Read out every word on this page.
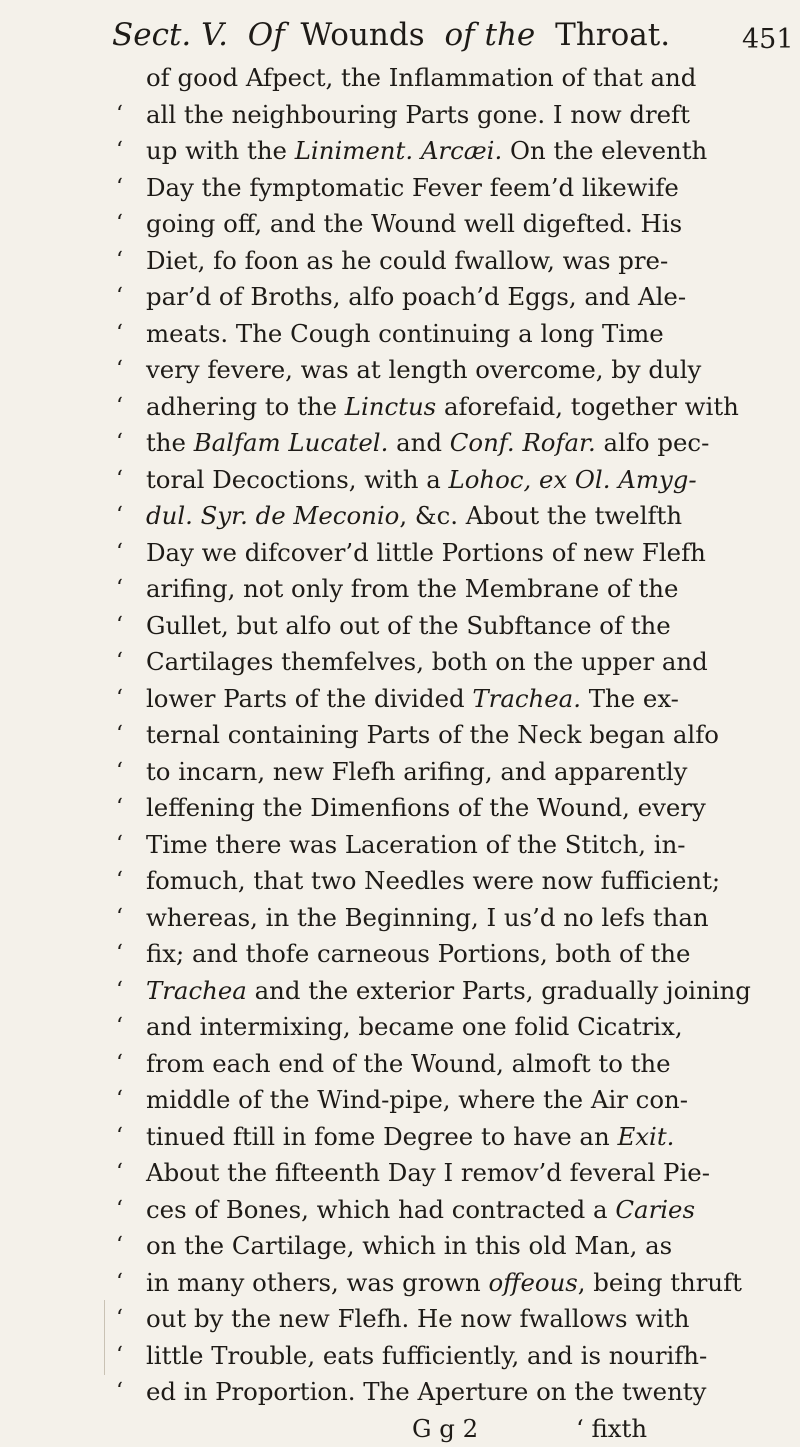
Sect. V. Of Wounds of the Throat.	451
of good Afpect, the Inflammation of that and
‘ all the neighbouring Parts gone. I now dreft
‘ up with the Liniment. Arcæi. On the eleventh
‘ Day the fymptomatic Fever feem’d likewife
‘ going off, and the Wound well digefted. His
‘ Diet, fo foon as he could fwallow, was pre-
‘ par’d of Broths, alfo poach’d Eggs, and Ale-
‘ meats. The Cough continuing a long Time
‘ very fevere, was at length overcome, by duly
‘ adhering to the Linctus aforefaid, together with
‘ the Balfam Lucatel. and Conf. Rofar. alfo pec-
‘ toral Decoctions, with a Lohoc, ex Ol. Amyg-
‘ dul. Syr. de Meconio, &c. About the twelfth
‘ Day we difcover’d little Portions of new Flefh
‘ arifing, not only from the Membrane of the
‘ Gullet, but alfo out of the Subftance of the
‘ Cartilages themfelves, both on the upper and
‘ lower Parts of the divided Trachea. The ex-
‘ ternal containing Parts of the Neck began alfo
‘ to incarn, new Flefh arifing, and apparently
‘ leffening the Dimenfions of the Wound, every
‘ Time there was Laceration of the Stitch, in-
‘ fomuch, that two Needles were now fufficient;
‘ whereas, in the Beginning, I us’d no lefs than
‘ fix; and thofe carneous Portions, both of the
‘ Trachea and the exterior Parts, gradually joining
‘ and intermixing, became one folid Cicatrix,
‘ from each end of the Wound, almoft to the
‘ middle of the Wind-pipe, where the Air con-
‘ tinued ftill in fome Degree to have an Exit.
‘ About the fifteenth Day I remov’d feveral Pie-
‘ ces of Bones, which had contracted a Caries
‘ on the Cartilage, which in this old Man, as
‘ in many others, was grown offeous, being thruft
‘ out by the new Flefh. He now fwallows with
‘ little Trouble, eats fufficiently, and is nourifh-
‘ ed in Proportion. The Aperture on the twenty
G g 2	‘ fixth
